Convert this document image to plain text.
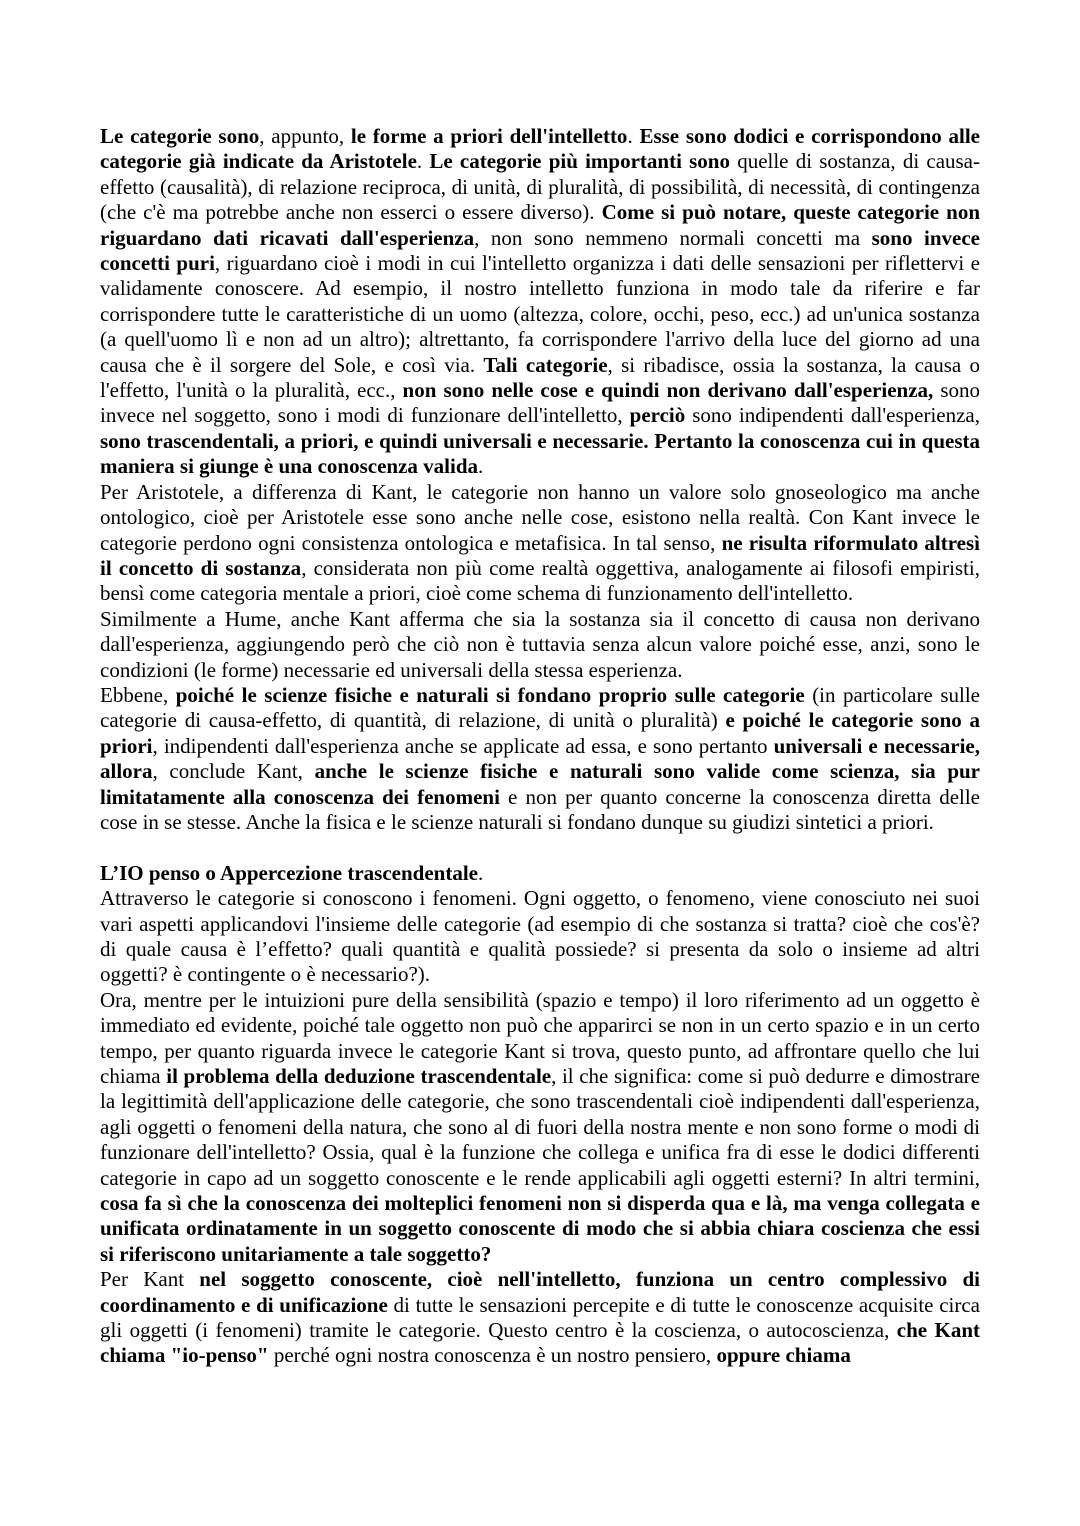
Le categorie sono, appunto, le forme a priori dell'intelletto. Esse sono dodici e corrispondono alle categorie già indicate da Aristotele. Le categorie più importanti sono quelle di sostanza, di causa-effetto (causalità), di relazione reciproca, di unità, di pluralità, di possibilità, di necessità, di contingenza (che c'è ma potrebbe anche non esserci o essere diverso). Come si può notare, queste categorie non riguardano dati ricavati dall'esperienza, non sono nemmeno normali concetti ma sono invece concetti puri, riguardano cioè i modi in cui l'intelletto organizza i dati delle sensazioni per riflettervi e validamente conoscere. Ad esempio, il nostro intelletto funziona in modo tale da riferire e far corrispondere tutte le caratteristiche di un uomo (altezza, colore, occhi, peso, ecc.) ad un'unica sostanza (a quell'uomo lì e non ad un altro); altrettanto, fa corrispondere l'arrivo della luce del giorno ad una causa che è il sorgere del Sole, e così via. Tali categorie, si ribadisce, ossia la sostanza, la causa o l'effetto, l'unità o la pluralità, ecc., non sono nelle cose e quindi non derivano dall'esperienza, sono invece nel soggetto, sono i modi di funzionare dell'intelletto, perciò sono indipendenti dall'esperienza, sono trascendentali, a priori, e quindi universali e necessarie. Pertanto la conoscenza cui in questa maniera si giunge è una conoscenza valida.

Per Aristotele, a differenza di Kant, le categorie non hanno un valore solo gnoseologico ma anche ontologico, cioè per Aristotele esse sono anche nelle cose, esistono nella realtà. Con Kant invece le categorie perdono ogni consistenza ontologica e metafisica. In tal senso, ne risulta riformulato altresì il concetto di sostanza, considerata non più come realtà oggettiva, analogamente ai filosofi empiristi, bensì come categoria mentale a priori, cioè come schema di funzionamento dell'intelletto.

Similmente a Hume, anche Kant afferma che sia la sostanza sia il concetto di causa non derivano dall'esperienza, aggiungendo però che ciò non è tuttavia senza alcun valore poiché esse, anzi, sono le condizioni (le forme) necessarie ed universali della stessa esperienza.

Ebbene, poiché le scienze fisiche e naturali si fondano proprio sulle categorie (in particolare sulle categorie di causa-effetto, di quantità, di relazione, di unità o pluralità) e poiché le categorie sono a priori, indipendenti dall'esperienza anche se applicate ad essa, e sono pertanto universali e necessarie, allora, conclude Kant, anche le scienze fisiche e naturali sono valide come scienza, sia pur limitatamente alla conoscenza dei fenomeni e non per quanto concerne la conoscenza diretta delle cose in se stesse. Anche la fisica e le scienze naturali si fondano dunque su giudizi sintetici a priori.

L’IO penso o Appercezione trascendentale.

Attraverso le categorie si conoscono i fenomeni. Ogni oggetto, o fenomeno, viene conosciuto nei suoi vari aspetti applicandovi l'insieme delle categorie (ad esempio di che sostanza si tratta? cioè che cos'è? di quale causa è l’effetto? quali quantità e qualità possiede? si presenta da solo o insieme ad altri oggetti? è contingente o è necessario?).

Ora, mentre per le intuizioni pure della sensibilità (spazio e tempo) il loro riferimento ad un oggetto è immediato ed evidente, poiché tale oggetto non può che apparirci se non in un certo spazio e in un certo tempo, per quanto riguarda invece le categorie Kant si trova, questo punto, ad affrontare quello che lui chiama il problema della deduzione trascendentale, il che significa: come si può dedurre e dimostrare la legittimità dell'applicazione delle categorie, che sono trascendentali cioè indipendenti dall'esperienza, agli oggetti o fenomeni della natura, che sono al di fuori della nostra mente e non sono forme o modi di funzionare dell'intelletto? Ossia, qual è la funzione che collega e unifica fra di esse le dodici differenti categorie in capo ad un soggetto conoscente e le rende applicabili agli oggetti esterni? In altri termini, cosa fa sì che la conoscenza dei molteplici fenomeni non si disperda qua e là, ma venga collegata e unificata ordinatamente in un soggetto conoscente di modo che si abbia chiara coscienza che essi si riferiscono unitariamente a tale soggetto?

Per Kant nel soggetto conoscente, cioè nell'intelletto, funziona un centro complessivo di coordinamento e di unificazione di tutte le sensazioni percepite e di tutte le conoscenze acquisite circa gli oggetti (i fenomeni) tramite le categorie. Questo centro è la coscienza, o autocoscienza, che Kant chiama "io-penso" perché ogni nostra conoscenza è un nostro pensiero, oppure chiama
